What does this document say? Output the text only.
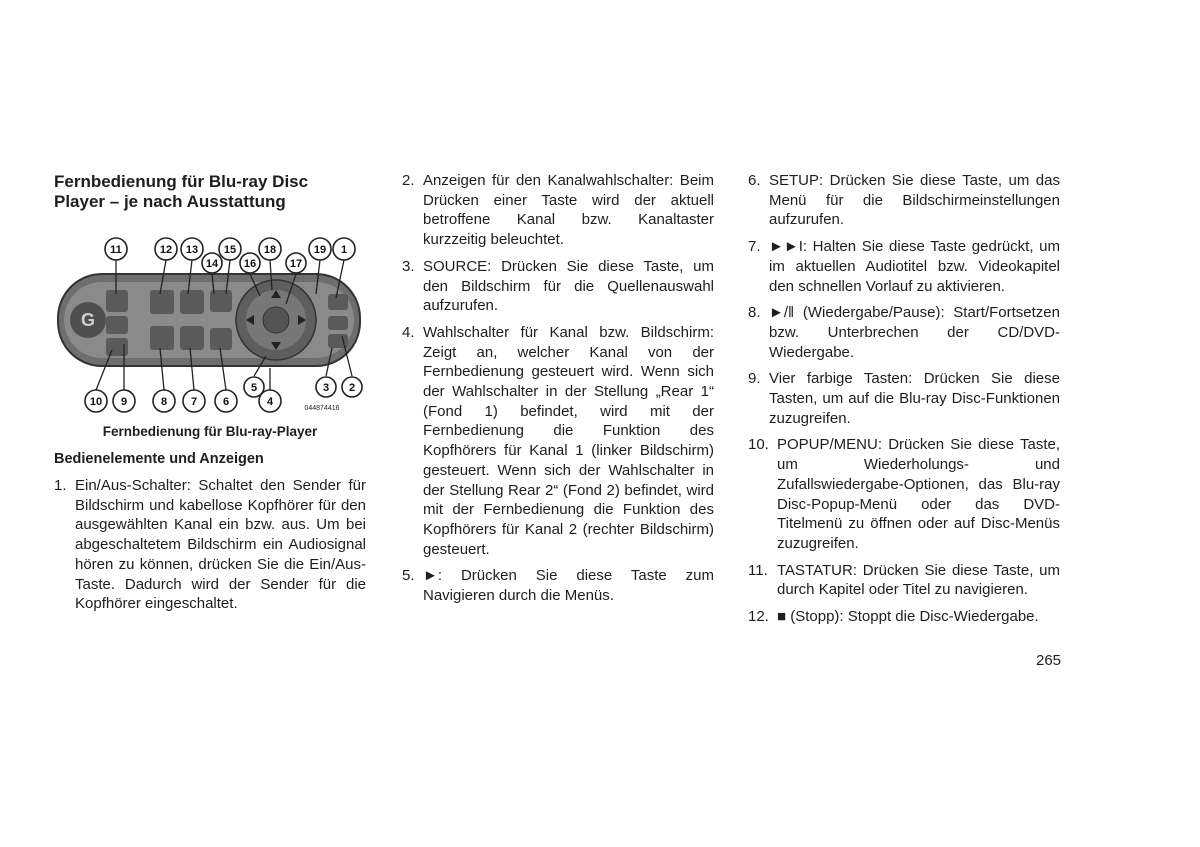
Fernbedienung für Blu-ray Disc Player – je nach Ausstattung
G
11	12 13
14
15
16
18
17
19 1
10 9	8 7 6
5
4
3 2
044874416
Fernbedienung für Blu-ray-Player
Bedienelemente und Anzeigen
1. Ein/Aus-Schalter: Schaltet den Sender für Bildschirm und kabellose Kopfhörer für den ausgewählten Kanal ein bzw. aus. Um bei abgeschaltetem Bildschirm ein Audiosignal hören zu können, drücken Sie die Ein/Aus-Taste. Dadurch wird der Sender für die Kopfhörer eingeschaltet.
2. Anzeigen für den Kanalwahlschalter: Beim Drücken einer Taste wird der aktuell betroffene Kanal bzw. Kanaltaster kurzzeitig beleuchtet.
3. SOURCE: Drücken Sie diese Taste, um den Bildschirm für die Quellenauswahl aufzurufen.
4. Wahlschalter für Kanal bzw. Bildschirm: Zeigt an, welcher Kanal von der Fernbedienung gesteuert wird. Wenn sich der Wahlschalter in der Stellung „Rear 1“ (Fond 1) befindet, wird mit der Fernbedienung die Funktion des Kopfhörers für Kanal 1 (linker Bildschirm) gesteuert. Wenn sich der Wahlschalter in der Stellung Rear 2“ (Fond 2) befindet, wird mit der Fernbedienung die Funktion des Kopfhörers für Kanal 2 (rechter Bildschirm) gesteuert.
5. ►: Drücken Sie diese Taste zum Navigieren durch die Menüs.
6. SETUP: Drücken Sie diese Taste, um das Menü für die Bildschirmeinstellungen aufzurufen.
7. ►►I: Halten Sie diese Taste gedrückt, um im aktuellen Audiotitel bzw. Videokapitel den schnellen Vorlauf zu aktivieren.
8. ►/ǁ (Wiedergabe/Pause): Start/Fortsetzen bzw. Unterbrechen der CD/DVD-Wiedergabe.
9. Vier farbige Tasten: Drücken Sie diese Tasten, um auf die Blu-ray Disc-Funktionen zuzugreifen.
10. POPUP/MENU: Drücken Sie diese Taste, um Wiederholungs- und Zufallswiedergabe-Optionen, das Blu-ray Disc-Popup-Menü oder das DVD-Titelmenü zu öffnen oder auf Disc-Menüs zuzugreifen.
11. TASTATUR: Drücken Sie diese Taste, um durch Kapitel oder Titel zu navigieren.
12. ■ (Stopp): Stoppt die Disc-Wiedergabe.
265
